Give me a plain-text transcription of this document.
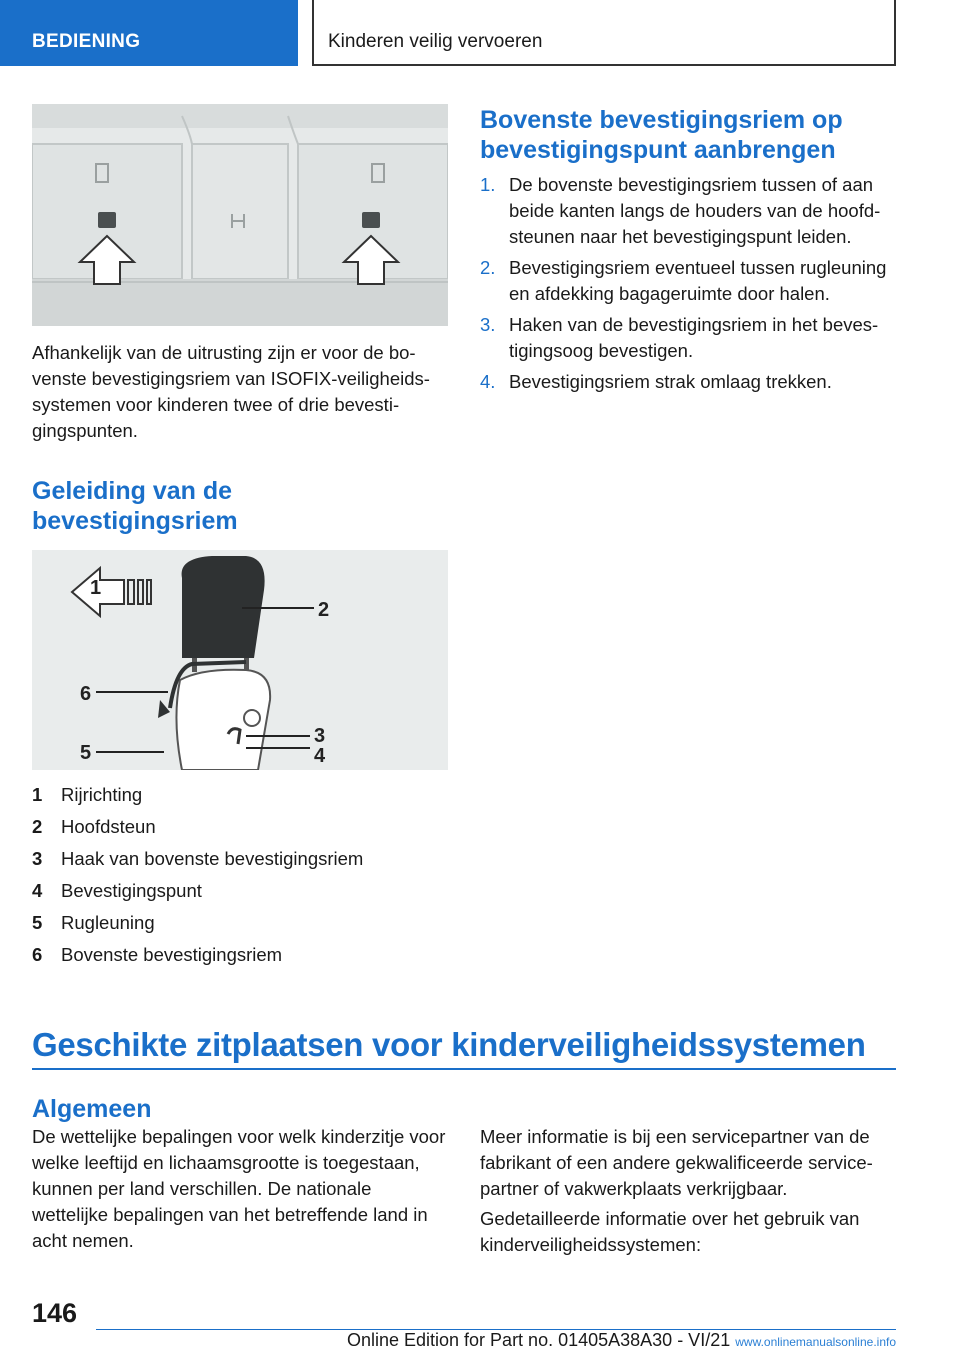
BEDIENING	Kinderen veilig vervoeren

Afhankelijk van de uitrusting zijn er voor de bovenste bevestigingsriem van ISOFIX-veiligheidssystemen voor kinderen twee of drie bevestigingspunten.

Geleiding van de bevestigingsriem
1
2
3
4
5
6
1	Rijrichting
2	Hoofdsteun
3	Haak van bovenste bevestigingsriem
4	Bevestigingspunt
5	Rugleuning
6	Bovenste bevestigingsriem
Bovenste bevestigingsriem op bevestigingspunt aanbrengen
1. De bovenste bevestigingsriem tussen of aan beide kanten langs de houders van de hoofdsteunen naar het bevestigingspunt leiden.
2. Bevestigingsriem eventueel tussen rugleuning en afdekking bagageruimte door halen.
3. Haken van de bevestigingsriem in het bevestigingsoog bevestigen.
4. Bevestigingsriem strak omlaag trekken.
Geschikte zitplaatsen voor kinderveiligheidssystemen
Algemeen

De wettelijke bepalingen voor welk kinderzitje voor welke leeftijd en lichaamsgrootte is toegestaan, kunnen per land verschillen. De nationale wettelijke bepalingen van het betreffende land in acht nemen.

Meer informatie is bij een servicepartner van de fabrikant of een andere gekwalificeerde servicepartner of vakwerkplaats verkrijgbaar.

Gedetailleerde informatie over het gebruik van kinderveiligheidssystemen:

146
Online Edition for Part no. 01405A38A30 - VI/21 www.onlinemanualsonline.info
